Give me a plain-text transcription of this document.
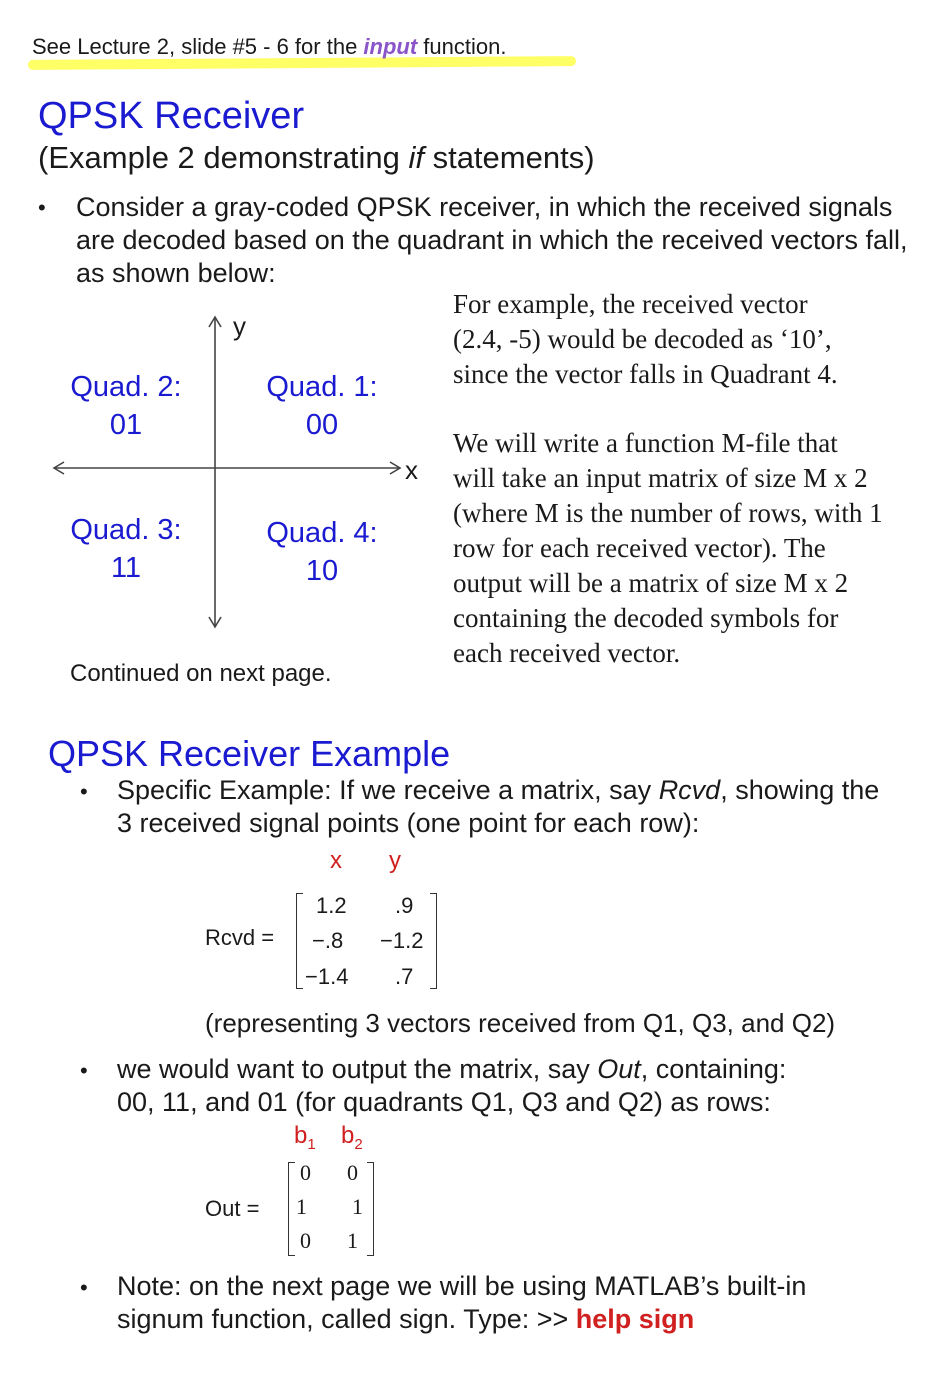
See Lecture 2, slide #5 - 6 for the input function.
QPSK Receiver
(Example 2 demonstrating if statements)
• Consider a gray-coded QPSK receiver, in which the received signals
are decoded based on the quadrant in which the received vectors fall,
as shown below:
y
x
Quad. 2:
01
Quad. 1:
00
Quad. 3:
11
Quad. 4:
10
Continued on next page.
For example, the received vector
(2.4, -5) would be decoded as ‘10’,
since the vector falls in Quadrant 4.
We will write a function M-file that
will take an input matrix of size M x 2
(where M is the number of rows, with 1
row for each received vector). The
output will be a matrix of size M x 2
containing the decoded symbols for
each received vector.
QPSK Receiver Example
• Specific Example: If we receive a matrix, say Rcvd, showing the
3 received signal points (one point for each row):
x y
Rcvd =
1.2 .9
−.8 −1.2
−1.4 .7
(representing 3 vectors received from Q1, Q3, and Q2)
• we would want to output the matrix, say Out, containing:
00, 11, and 01 (for quadrants Q1, Q3 and Q2) as rows:
$b_1$ $b_2$
Out =
0 0
1 1
0 1
• Note: on the next page we will be using MATLAB’s built-in
signum function, called sign. Type: >> help sign
